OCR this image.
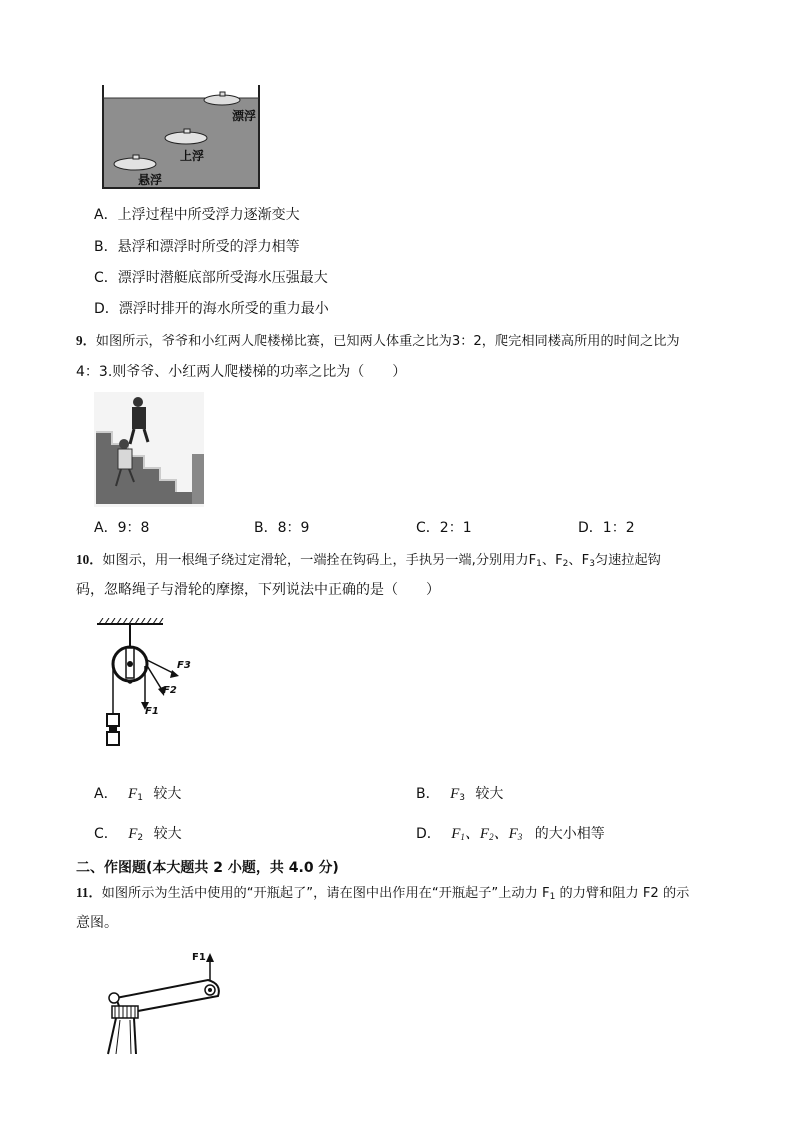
漂浮
上浮
悬浮
A．上浮过程中所受浮力逐渐变大
B．悬浮和漂浮时所受的浮力相等
C．漂浮时潜艇底部所受海水压强最大
D．漂浮时排开的海水所受的重力最小
9．如图所示，爷爷和小红两人爬楼梯比赛，已知两人体重之比为3：2，爬完相同楼高所用的时间之比为
4：3.则爷爷、小红两人爬楼梯的功率之比为（　　）
A．9：8	B．8：9	C．2：1	D．1：2
10．如图示，用一根绳子绕过定滑轮，一端拴在钩码上，手执另一端,分别用力$F_1$、$F_2$、$F_3$匀速拉起钩
码，忽略绳子与滑轮的摩擦，下列说法中正确的是（　　）
F3
F2
F1
A． $F_1$ 较大	B． $F_3$ 较大
C． $F_2$ 较大	D． $F_1$、$F_2$、$F_3$ 的大小相等
二、作图题(本大题共 2 小题，共 4.0 分)
11．如图所示为生活中使用的“开瓶起了”，请在图中出作用在“开瓶起子”上动力 $F_1$ 的力臂和阻力 F2 的示
意图。
F1
